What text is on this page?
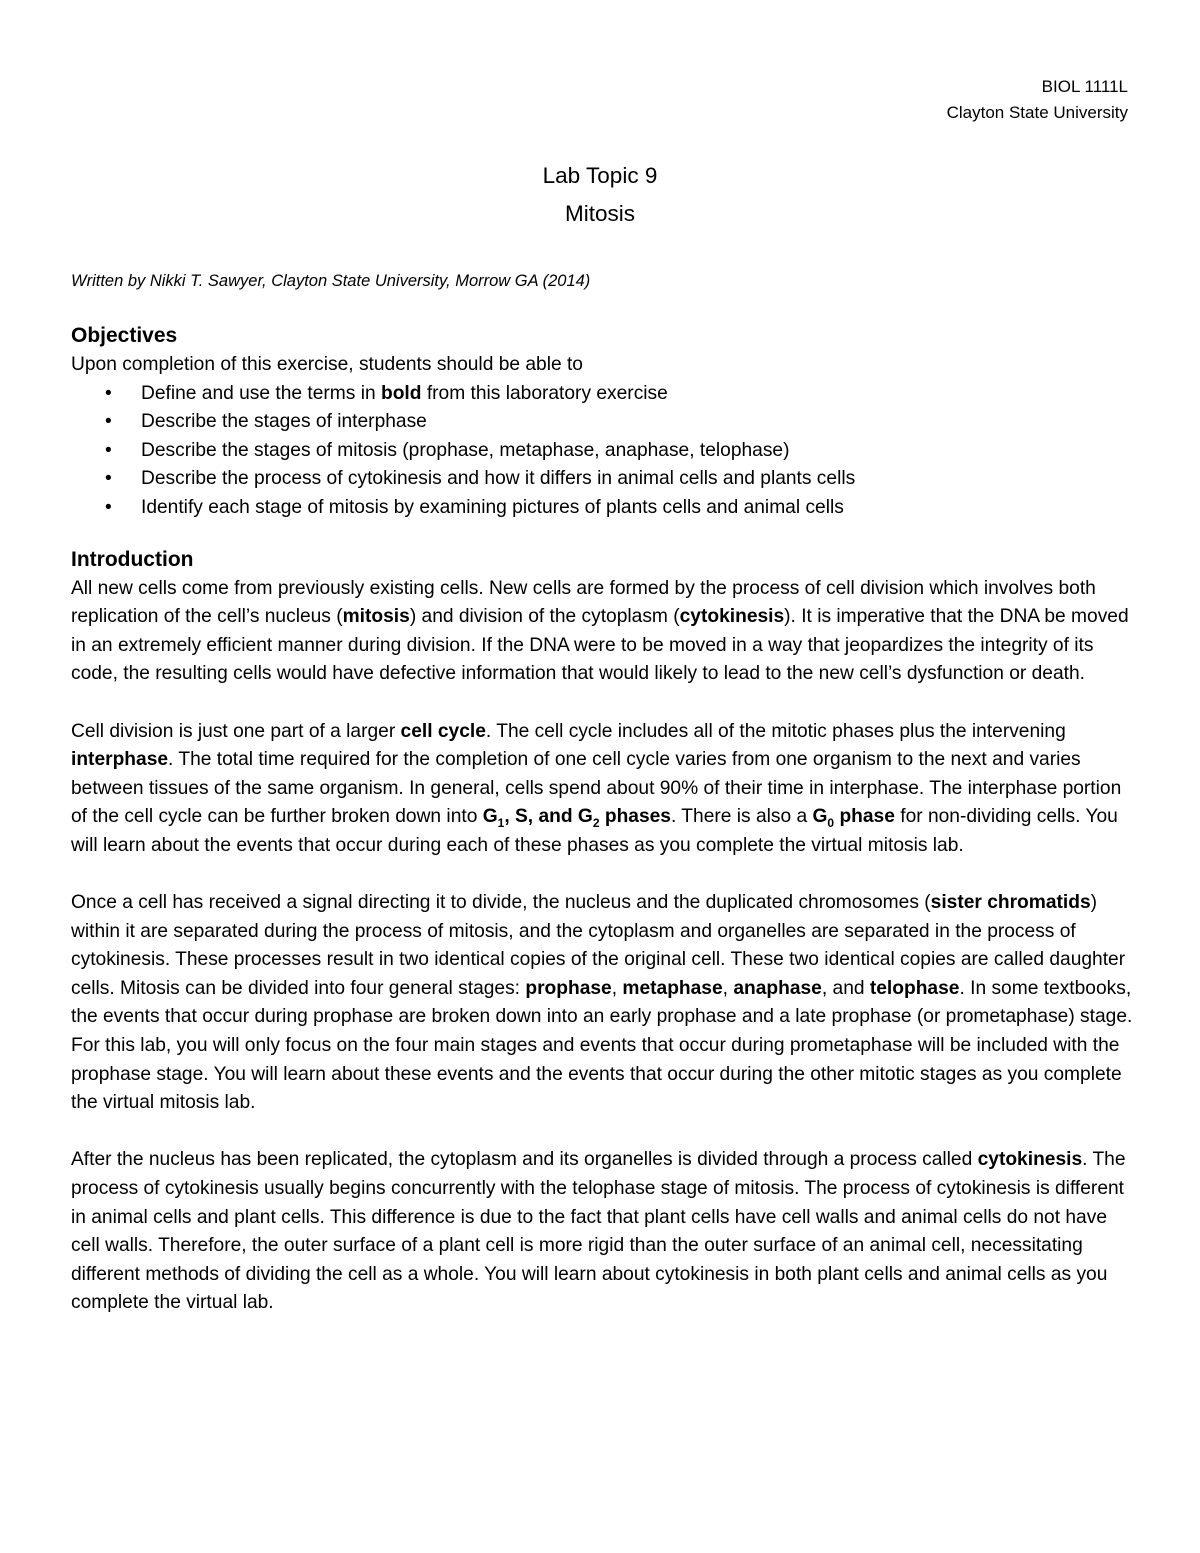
BIOL 1111L
Clayton State University
Lab Topic 9
Mitosis
Written by Nikki T. Sawyer, Clayton State University, Morrow GA (2014)
Objectives

Upon completion of this exercise, students should be able to

• Define and use the terms in bold from this laboratory exercise
• Describe the stages of interphase
• Describe the stages of mitosis (prophase, metaphase, anaphase, telophase)
• Describe the process of cytokinesis and how it differs in animal cells and plants cells
• Identify each stage of mitosis by examining pictures of plants cells and animal cells
Introduction

All new cells come from previously existing cells. New cells are formed by the process of cell division which involves both replication of the cell’s nucleus (mitosis) and division of the cytoplasm (cytokinesis). It is imperative that the DNA be moved in an extremely efficient manner during division. If the DNA were to be moved in a way that jeopardizes the integrity of its code, the resulting cells would have defective information that would likely to lead to the new cell’s dysfunction or death.

Cell division is just one part of a larger cell cycle. The cell cycle includes all of the mitotic phases plus the intervening interphase. The total time required for the completion of one cell cycle varies from one organism to the next and varies between tissues of the same organism. In general, cells spend about 90% of their time in interphase. The interphase portion of the cell cycle can be further broken down into $G_1$, S, and $G_2$ phases. There is also a $G_0$ phase for non-dividing cells. You will learn about the events that occur during each of these phases as you complete the virtual mitosis lab.

Once a cell has received a signal directing it to divide, the nucleus and the duplicated chromosomes (sister chromatids) within it are separated during the process of mitosis, and the cytoplasm and organelles are separated in the process of cytokinesis. These processes result in two identical copies of the original cell. These two identical copies are called daughter cells. Mitosis can be divided into four general stages: prophase, metaphase, anaphase, and telophase. In some textbooks, the events that occur during prophase are broken down into an early prophase and a late prophase (or prometaphase) stage. For this lab, you will only focus on the four main stages and events that occur during prometaphase will be included with the prophase stage. You will learn about these events and the events that occur during the other mitotic stages as you complete the virtual mitosis lab.

After the nucleus has been replicated, the cytoplasm and its organelles is divided through a process called cytokinesis. The process of cytokinesis usually begins concurrently with the telophase stage of mitosis. The process of cytokinesis is different in animal cells and plant cells. This difference is due to the fact that plant cells have cell walls and animal cells do not have cell walls. Therefore, the outer surface of a plant cell is more rigid than the outer surface of an animal cell, necessitating different methods of dividing the cell as a whole. You will learn about cytokinesis in both plant cells and animal cells as you complete the virtual lab.
